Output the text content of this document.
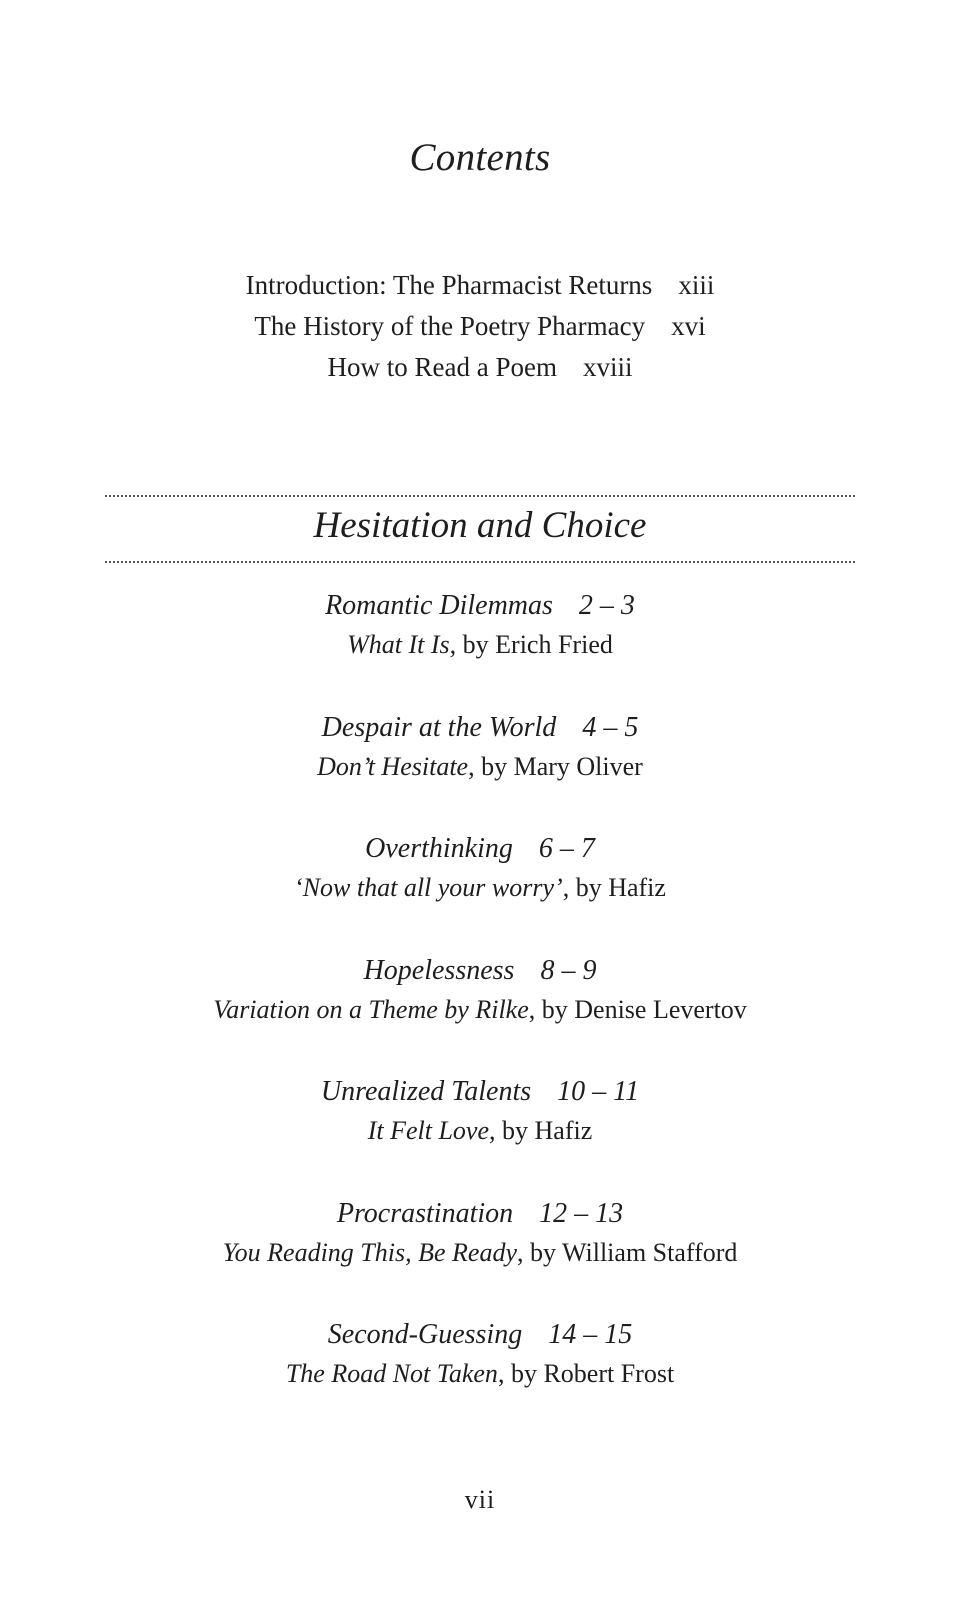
Contents
Introduction: The Pharmacist Returns xiii
The History of the Poetry Pharmacy xvi
How to Read a Poem xviii
Hesitation and Choice
Romantic Dilemmas 2 – 3
What It Is, by Erich Fried
Despair at the World 4 – 5
Don’t Hesitate, by Mary Oliver
Overthinking 6 – 7
‘Now that all your worry’, by Hafiz
Hopelessness 8 – 9
Variation on a Theme by Rilke, by Denise Levertov
Unrealized Talents 10 – 11
It Felt Love, by Hafiz
Procrastination 12 – 13
You Reading This, Be Ready, by William Stafford
Second-Guessing 14 – 15
The Road Not Taken, by Robert Frost
vii
